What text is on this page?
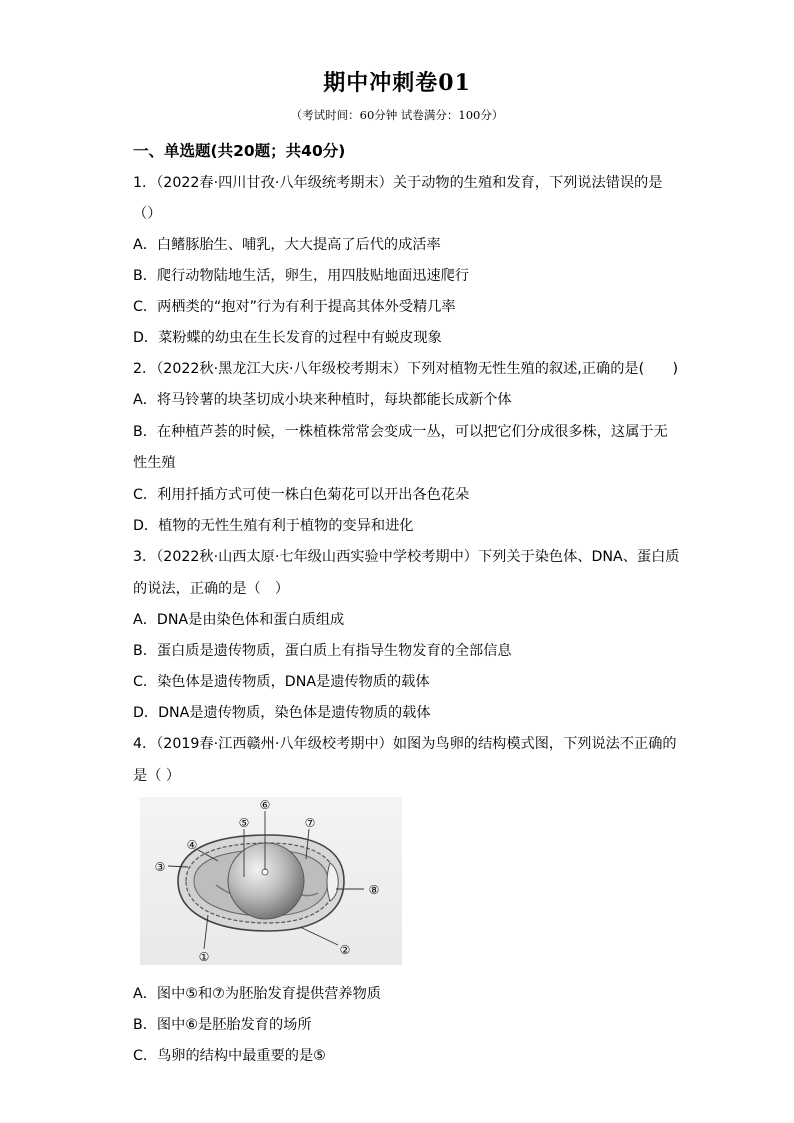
期中冲刺卷01
（考试时间：60分钟 试卷满分：100分）
一、单选题(共20题；共40分)
1．（2022春·四川甘孜·八年级统考期末）关于动物的生殖和发育，下列说法错误的是
（）
A．白鳍豚胎生、哺乳，大大提高了后代的成活率
B．爬行动物陆地生活，卵生，用四肢贴地面迅速爬行
C．两栖类的“抱对”行为有利于提高其体外受精几率
D．菜粉蝶的幼虫在生长发育的过程中有蜕皮现象
2．（2022秋·黑龙江大庆·八年级校考期末）下列对植物无性生殖的叙述,正确的是(　　)
A．将马铃薯的块茎切成小块来种植时，每块都能长成新个体
B．在种植芦荟的时候，一株植株常常会变成一丛，可以把它们分成很多株，这属于无
性生殖
C．利用扦插方式可使一株白色菊花可以开出各色花朵
D．植物的无性生殖有利于植物的变异和进化
3．（2022秋·山西太原·七年级山西实验中学校考期中）下列关于染色体、DNA、蛋白质
的说法，正确的是（　）
A．DNA是由染色体和蛋白质组成
B．蛋白质是遗传物质，蛋白质上有指导生物发育的全部信息
C．染色体是遗传物质，DNA是遗传物质的载体
D．DNA是遗传物质，染色体是遗传物质的载体
4．（2019春·江西赣州·八年级校考期中）如图为鸟卵的结构模式图，下列说法不正确的
是（ ）
⑥
⑤	⑦
④
③
⑧
②
①
A．图中⑤和⑦为胚胎发育提供营养物质
B．图中⑥是胚胎发育的场所
C．鸟卵的结构中最重要的是⑤
